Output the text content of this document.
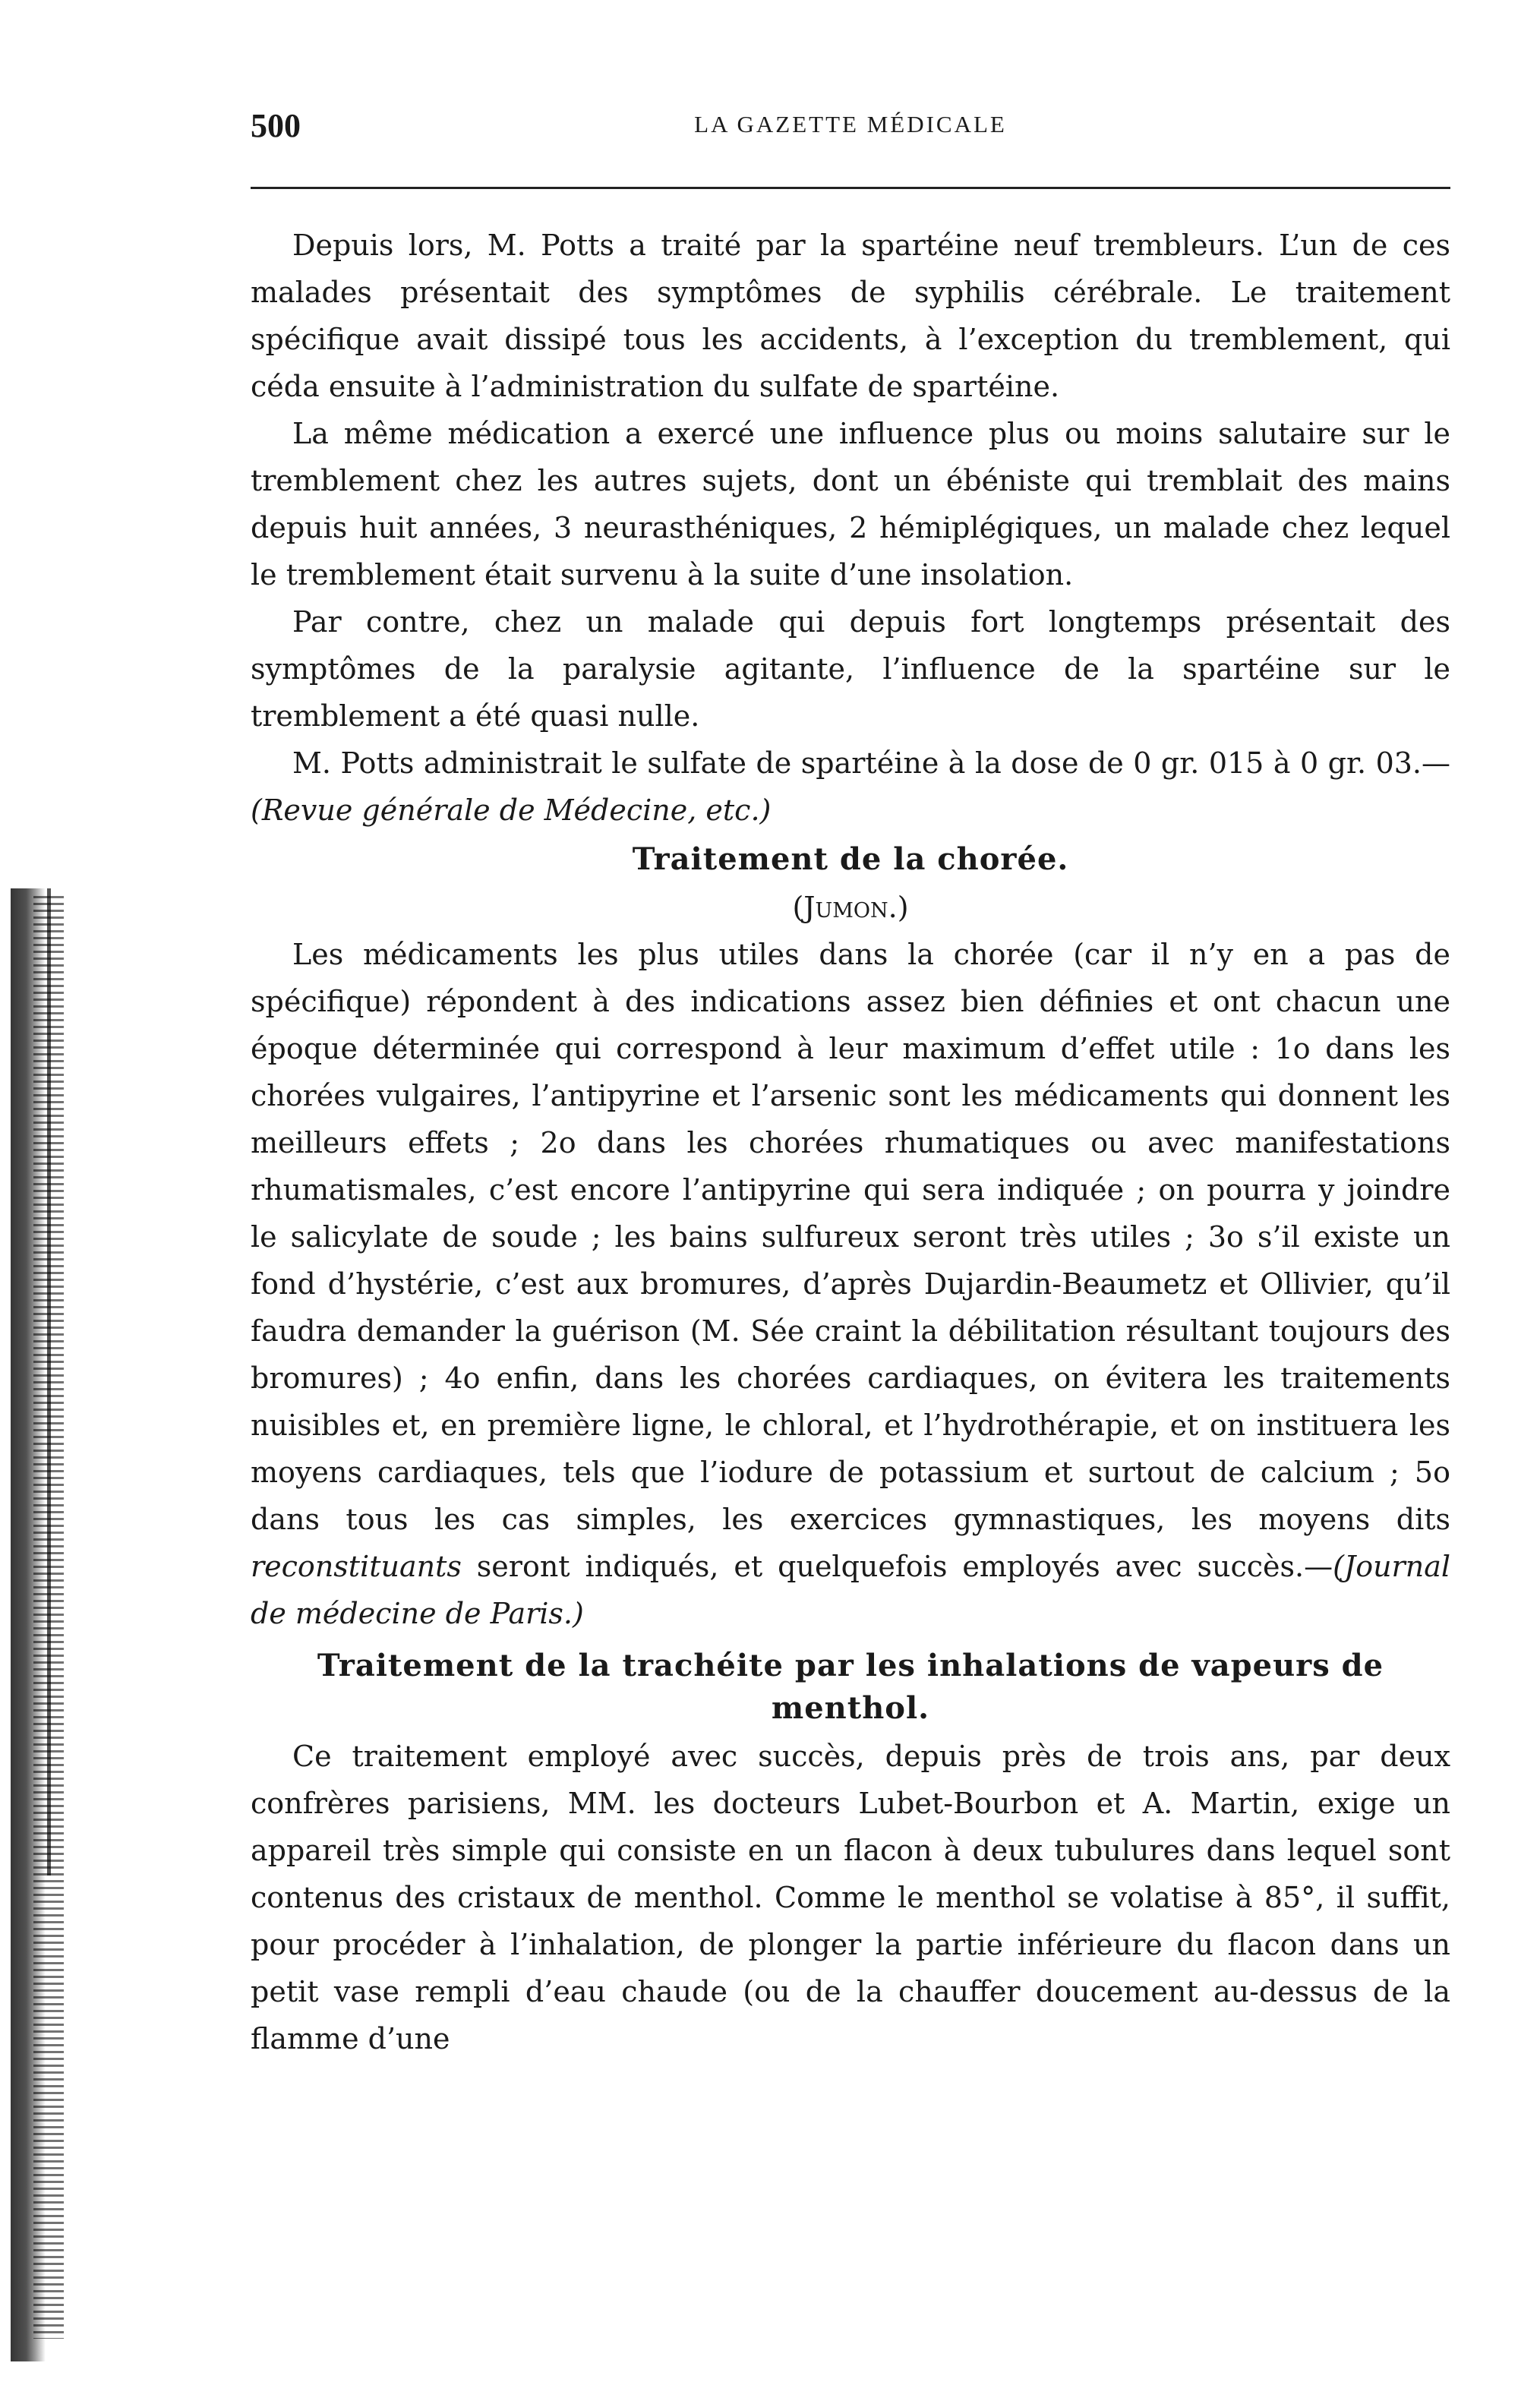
500	LA GAZETTE MÉDICALE

Depuis lors, M. Potts a traité par la spartéine neuf trembleurs. L’un de ces malades présentait des symptômes de syphilis cérébrale. Le traitement spécifique avait dissipé tous les accidents, à l’exception du tremblement, qui céda ensuite à l’administration du sulfate de spartéine.

La même médication a exercé une influence plus ou moins salutaire sur le tremblement chez les autres sujets, dont un ébéniste qui tremblait des mains depuis huit années, 3 neurasthéniques, 2 hémiplégiques, un malade chez lequel le tremblement était survenu à la suite d’une insolation.

Par contre, chez un malade qui depuis fort longtemps présentait des symptômes de la paralysie agitante, l’influence de la spartéine sur le tremblement a été quasi nulle.

M. Potts administrait le sulfate de spartéine à la dose de 0 gr. 015 à 0 gr. 03.—(Revue générale de Médecine, etc.)

Traitement de la chorée.

(Jumon.)

Les médicaments les plus utiles dans la chorée (car il n’y en a pas de spécifique) répondent à des indications assez bien définies et ont chacun une époque déterminée qui correspond à leur maximum d’effet utile : 1o dans les chorées vulgaires, l’antipyrine et l’arsenic sont les médicaments qui donnent les meilleurs effets ; 2o dans les chorées rhumatiques ou avec manifestations rhumatismales, c’est encore l’antipyrine qui sera indiquée ; on pourra y joindre le salicylate de soude ; les bains sulfureux seront très utiles ; 3o s’il existe un fond d’hystérie, c’est aux bromures, d’après Dujardin-Beaumetz et Ollivier, qu’il faudra demander la guérison (M. Sée craint la débilitation résultant toujours des bromures) ; 4o enfin, dans les chorées cardiaques, on évitera les traitements nuisibles et, en première ligne, le chloral, et l’hydrothérapie, et on instituera les moyens cardiaques, tels que l’iodure de potassium et surtout de calcium ; 5o dans tous les cas simples, les exercices gymnastiques, les moyens dits reconstituants seront indiqués, et quelquefois employés avec succès.—(Journal de médecine de Paris.)

Traitement de la trachéite par les inhalations de vapeurs de menthol.

Ce traitement employé avec succès, depuis près de trois ans, par deux confrères parisiens, MM. les docteurs Lubet-Bourbon et A. Martin, exige un appareil très simple qui consiste en un flacon à deux tubulures dans lequel sont contenus des cristaux de menthol. Comme le menthol se volatise à 85°, il suffit, pour procéder à l’inhalation, de plonger la partie inférieure du flacon dans un petit vase rempli d’eau chaude (ou de la chauffer doucement au-dessus de la flamme d’une
